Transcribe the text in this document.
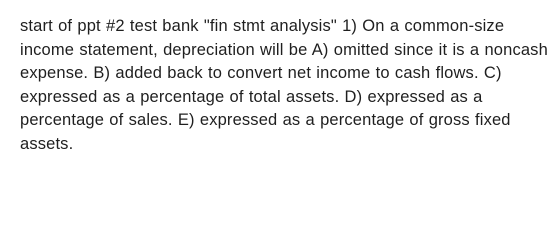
start of ppt #2 test bank "fin stmt analysis" 1) On a common-size income statement, depreciation will be A) omitted since it is a noncash expense. B) added back to convert net income to cash flows. C) expressed as a percentage of total assets. D) expressed as a percentage of sales. E) expressed as a percentage of gross fixed assets.
